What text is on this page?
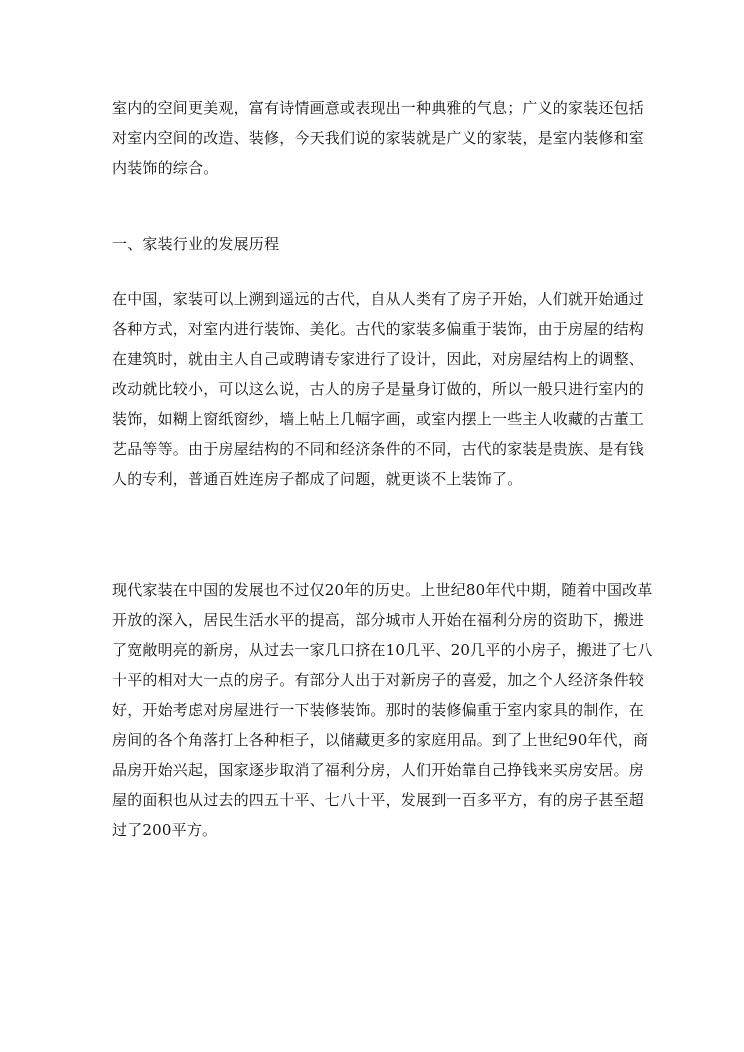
室内的空间更美观，富有诗情画意或表现出一种典雅的气息；广义的家装还包括
对室内空间的改造、装修，今天我们说的家装就是广义的家装，是室内装修和室
内装饰的综合。
一、家装行业的发展历程
在中国，家装可以上溯到遥远的古代，自从人类有了房子开始，人们就开始通过
各种方式，对室内进行装饰、美化。古代的家装多偏重于装饰，由于房屋的结构
在建筑时，就由主人自己或聘请专家进行了设计，因此，对房屋结构上的调整、
改动就比较小，可以这么说，古人的房子是量身订做的，所以一般只进行室内的
装饰，如糊上窗纸窗纱，墙上帖上几幅字画，或室内摆上一些主人收藏的古董工
艺品等等。由于房屋结构的不同和经济条件的不同，古代的家装是贵族、是有钱
人的专利，普通百姓连房子都成了问题，就更谈不上装饰了。
现代家装在中国的发展也不过仅20年的历史。上世纪80年代中期，随着中国改革
开放的深入，居民生活水平的提高，部分城市人开始在福利分房的资助下，搬进
了宽敞明亮的新房，从过去一家几口挤在10几平、20几平的小房子，搬进了七八
十平的相对大一点的房子。有部分人出于对新房子的喜爱，加之个人经济条件较
好，开始考虑对房屋进行一下装修装饰。那时的装修偏重于室内家具的制作，在
房间的各个角落打上各种柜子，以储藏更多的家庭用品。到了上世纪90年代，商
品房开始兴起，国家逐步取消了福利分房，人们开始靠自己挣钱来买房安居。房
屋的面积也从过去的四五十平、七八十平，发展到一百多平方，有的房子甚至超
过了200平方。
